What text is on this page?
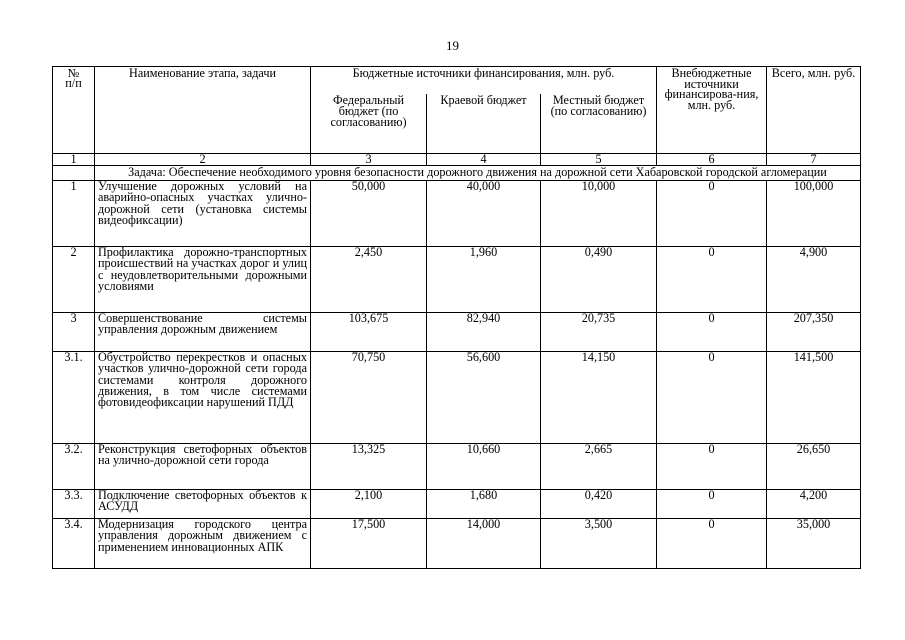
19
№
п/п	Наименование этапа, задачи	Бюджетные источники финансирования, млн. руб.			Внебюджетные источники финансирова-ния, млн. руб.	Всего, млн. руб.
		Федеральный бюджет (по согласованию)	Краевой бюджет	Местный бюджет (по согласованию)		
1	2	3	4	5	6	7
	Задача: Обеспечение необходимого уровня безопасности дорожного движения на дорожной сети Хабаровской городской агломерации					
1	Улучшение дорожных условий на аварийно-опасных участках улично-дорожной сети (установка системы видеофиксации)	50,000	40,000	10,000	0	100,000
2	Профилактика дорожно-транспортных происшествий на участках дорог и улиц с неудовлетворительными дорожными условиями	2,450	1,960	0,490	0	4,900
3	Совершенствование системы управления дорожным движением	103,675	82,940	20,735	0	207,350
3.1.	Обустройство перекрестков и опасных участков улично-дорожной сети города системами контроля дорожного движения, в том числе системами фотовидеофиксации нарушений ПДД	70,750	56,600	14,150	0	141,500
3.2.	Реконструкция светофорных объектов на улично-дорожной сети города	13,325	10,660	2,665	0	26,650
3.3.	Подключение светофорных объектов к АСУДД	2,100	1,680	0,420	0	4,200
3.4.	Модернизация городского центра управления дорожным движением с применением инновационных АПК	17,500	14,000	3,500	0	35,000
